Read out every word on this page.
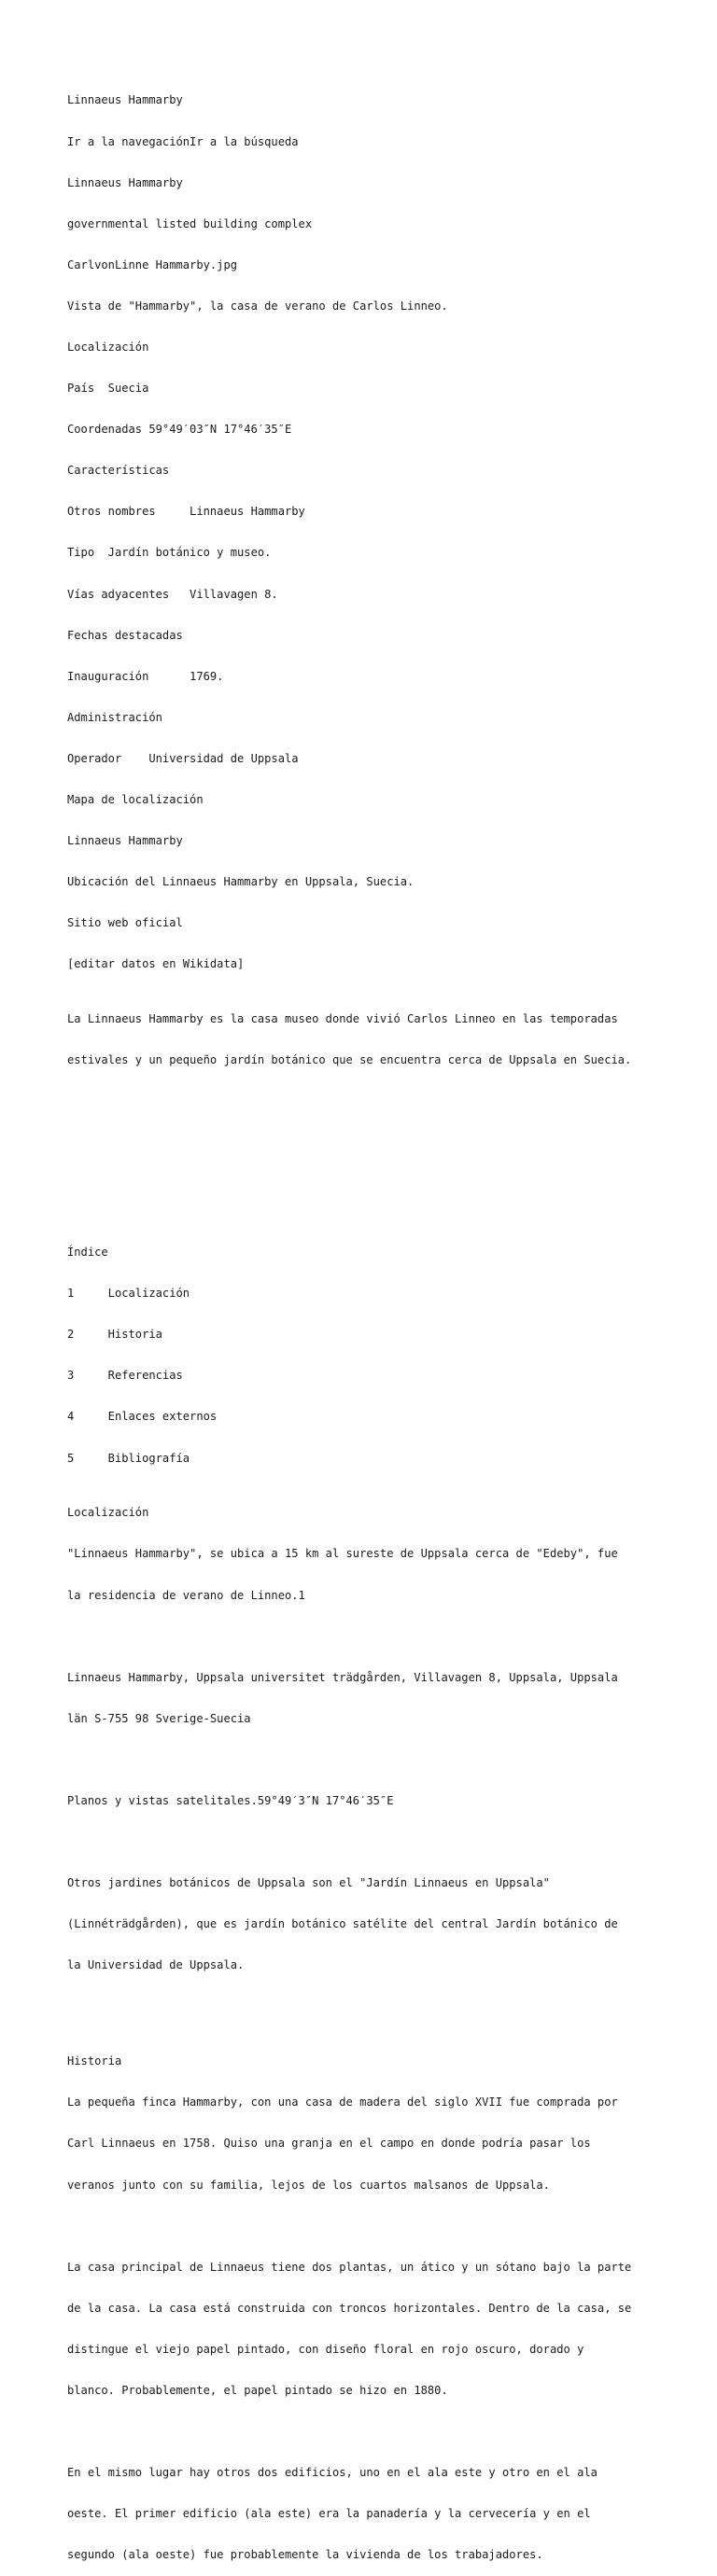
Linnaeus Hammarby

Ir a la navegaciónIr a la búsqueda

Linnaeus Hammarby

governmental listed building complex

CarlvonLinne Hammarby.jpg

Vista de "Hammarby", la casa de verano de Carlos Linneo.

Localización

País  Suecia

Coordenadas 59°49′03″N 17°46′35″E

Características

Otros nombres     Linnaeus Hammarby

Tipo  Jardín botánico y museo.

Vías adyacentes   Villavagen 8.

Fechas destacadas

Inauguración      1769.

Administración

Operador    Universidad de Uppsala

Mapa de localización

Linnaeus Hammarby

Ubicación del Linnaeus Hammarby en Uppsala, Suecia.

Sitio web oficial

[editar datos en Wikidata]

La Linnaeus Hammarby es la casa museo donde vivió Carlos Linneo en las temporadas

estivales y un pequeño jardín botánico que se encuentra cerca de Uppsala en Suecia.

Índice

1     Localización

2     Historia

3     Referencias

4     Enlaces externos

5     Bibliografía

Localización

"Linnaeus Hammarby", se ubica a 15 km al sureste de Uppsala cerca de "Edeby", fue

la residencia de verano de Linneo.1

Linnaeus Hammarby, Uppsala universitet trädgården, Villavagen 8, Uppsala, Uppsala

län S-755 98 Sverige-Suecia

Planos y vistas satelitales.59°49′3″N 17°46′35″E

Otros jardines botánicos de Uppsala son el "Jardín Linnaeus en Uppsala"

(Linnéträdgården), que es jardín botánico satélite del central Jardín botánico de

la Universidad de Uppsala.

Historia

La pequeña finca Hammarby, con una casa de madera del siglo XVII fue comprada por

Carl Linnaeus en 1758. Quiso una granja en el campo en donde podría pasar los

veranos junto con su familia, lejos de los cuartos malsanos de Uppsala.

La casa principal de Linnaeus tiene dos plantas, un ático y un sótano bajo la parte

de la casa. La casa está construida con troncos horizontales. Dentro de la casa, se

distingue el viejo papel pintado, con diseño floral en rojo oscuro, dorado y

blanco. Probablemente, el papel pintado se hizo en 1880.

En el mismo lugar hay otros dos edificios, uno en el ala este y otro en el ala

oeste. El primer edificio (ala este) era la panadería y la cervecería y en el

segundo (ala oeste) fue probablemente la vivienda de los trabajadores.
